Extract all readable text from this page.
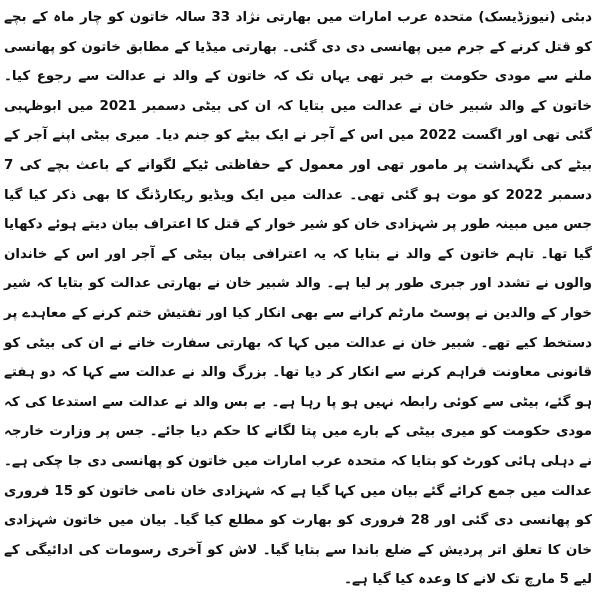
دبئی (نیوزڈیسک) متحدہ عرب امارات میں بھارتی نژاد 33 سالہ خاتون کو چار ماہ کے بچے کو قتل کرنے کے جرم میں پھانسی دی دی گئی۔ بھارتی میڈیا کے مطابق خاتون کو پھانسی ملنے سے مودی حکومت بے خبر تھی یہاں تک کہ خاتون کے والد نے عدالت سے رجوع کیا۔ خاتون کے والد شبیر خان نے عدالت میں بتایا کہ ان کی بیٹی دسمبر 2021 میں ابوظہبی گئی تھی اور اگست 2022 میں اس کے آجر نے ایک بیٹے کو جنم دیا۔ میری بیٹی اپنے آجر کے بیٹے کی نگہداشت پر مامور تھی اور معمول کے حفاظتی ٹیکے لگوانے کے باعث بچے کی 7 دسمبر 2022 کو موت ہو گئی تھی۔ عدالت میں ایک ویڈیو ریکارڈنگ کا بھی ذکر کیا گیا جس میں مبینہ طور پر شہزادی خان کو شیر خوار کے قتل کا اعتراف بیان دیتے ہوئے دکھایا گیا تھا۔ تاہم خاتون کے والد نے بتایا کہ یہ اعترافی بیان بیٹی کے آجر اور اس کے خاندان والوں نے تشدد اور جبری طور پر لیا ہے۔ والد شبیر خان نے بھارتی عدالت کو بتایا کہ شیر خوار کے والدین نے پوسٹ مارٹم کرانے سے بھی انکار کیا اور تفتیش ختم کرنے کے معاہدے پر دستخط کیے تھے۔ شبیر خان نے عدالت میں کہا کہ بھارتی سفارت خانے نے ان کی بیٹی کو قانونی معاونت فراہم کرنے سے انکار کر دیا تھا۔ بزرگ والد نے عدالت سے کہا کہ دو ہفتے ہو گئے، بیٹی سے کوئی رابطہ نہیں ہو پا رہا ہے۔ بے بس والد نے عدالت سے استدعا کی کہ مودی حکومت کو میری بیٹی کے بارے میں پتا لگانے کا حکم دیا جائے۔ جس پر وزارت خارجہ نے دہلی ہائی کورٹ کو بتایا کہ متحدہ عرب امارات میں خاتون کو پھانسی دی جا چکی ہے۔ عدالت میں جمع کرائے گئے بیان میں کہا گیا ہے کہ شہزادی خان نامی خاتون کو 15 فروری کو پھانسی دی گئی اور 28 فروری کو بھارت کو مطلع کیا گیا۔ بیان میں خاتون شہزادی خان کا تعلق اتر پردیش کے ضلع باندا سے بتایا گیا۔ لاش کو آخری رسومات کی ادائیگی کے لیے 5 مارچ تک لانے کا وعدہ کیا گیا ہے۔
